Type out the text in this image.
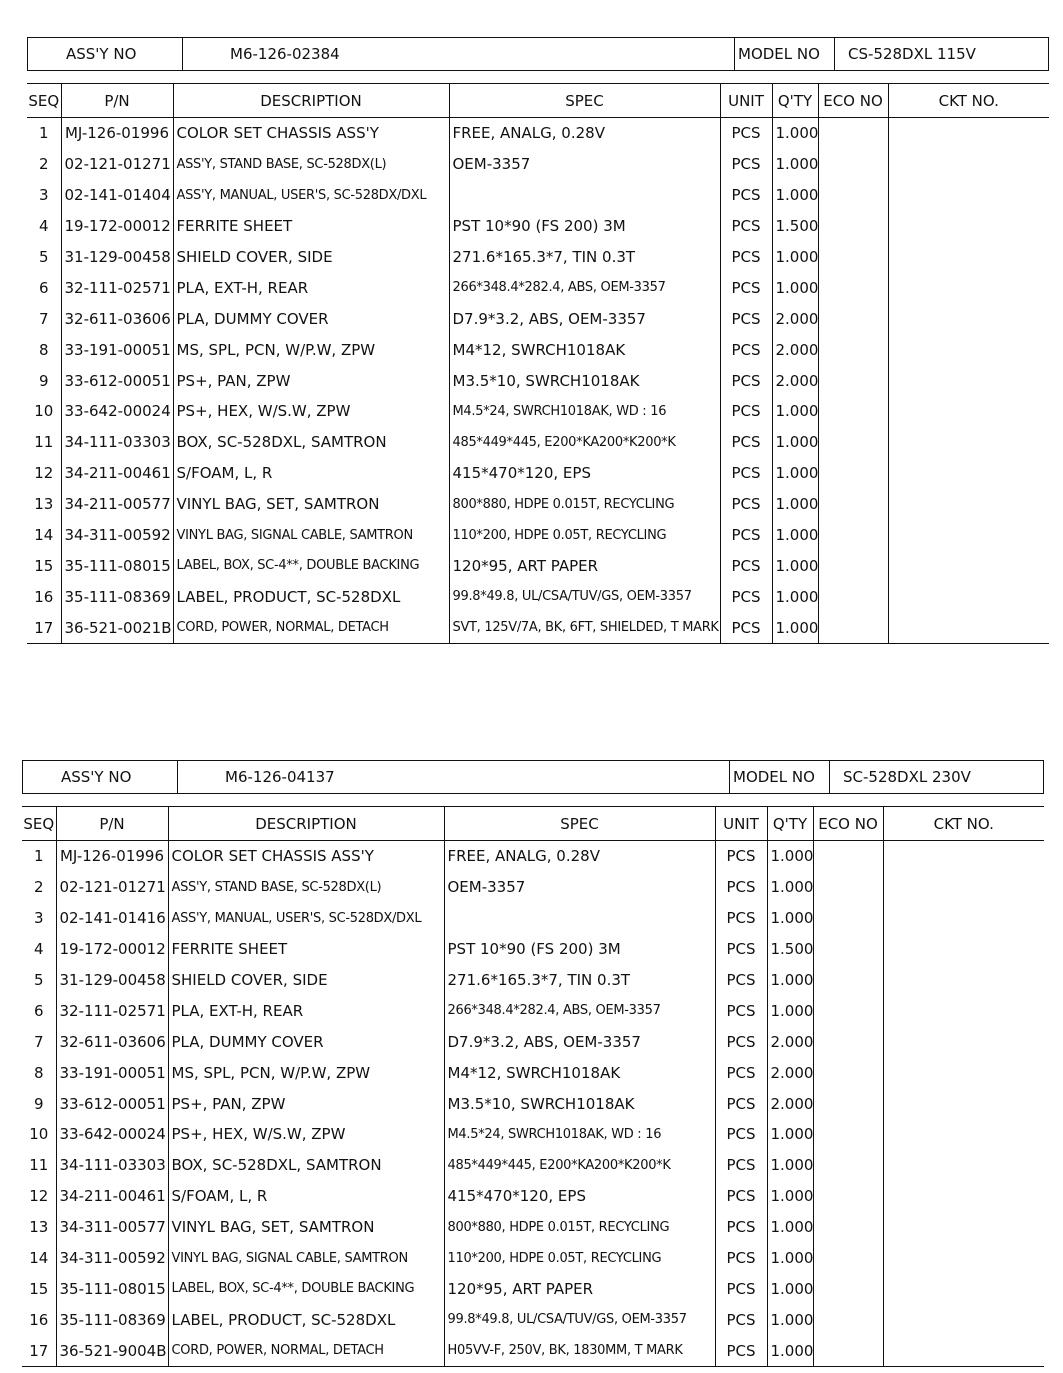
ASS'Y NO	M6-126-02384	MODEL NO CS-528DXL 115V
SEQ	P/N	DESCRIPTION	SPEC	UNIT	Q'TY	ECO NO	CKT NO.
1	MJ-126-01996	COLOR SET CHASSIS ASS'Y	FREE, ANALG, 0.28V	PCS	1.000		
2	02-121-01271	ASS'Y, STAND BASE, SC-528DX(L)	OEM-3357	PCS	1.000		
3	02-141-01404	ASS'Y, MANUAL, USER'S, SC-528DX/DXL		PCS	1.000		
4	19-172-00012	FERRITE SHEET	PST 10*90 (FS 200) 3M	PCS	1.500		
5	31-129-00458	SHIELD COVER, SIDE	271.6*165.3*7, TIN 0.3T	PCS	1.000		
6	32-111-02571	PLA, EXT-H, REAR	266*348.4*282.4, ABS, OEM-3357	PCS	1.000		
7	32-611-03606	PLA, DUMMY COVER	D7.9*3.2, ABS, OEM-3357	PCS	2.000		
8	33-191-00051	MS, SPL, PCN, W/P.W, ZPW	M4*12, SWRCH1018AK	PCS	2.000		
9	33-612-00051	PS+, PAN, ZPW	M3.5*10, SWRCH1018AK	PCS	2.000		
10	33-642-00024	PS+, HEX, W/S.W, ZPW	M4.5*24, SWRCH1018AK, WD : 16	PCS	1.000		
11	34-111-03303	BOX, SC-528DXL, SAMTRON	485*449*445, E200*KA200*K200*K	PCS	1.000		
12	34-211-00461	S/FOAM, L, R	415*470*120, EPS	PCS	1.000		
13	34-211-00577	VINYL BAG, SET, SAMTRON	800*880, HDPE 0.015T, RECYCLING	PCS	1.000		
14	34-311-00592	VINYL BAG, SIGNAL CABLE, SAMTRON	110*200, HDPE 0.05T, RECYCLING	PCS	1.000		
15	35-111-08015	LABEL, BOX, SC-4**, DOUBLE BACKING	120*95, ART PAPER	PCS	1.000		
16	35-111-08369	LABEL, PRODUCT, SC-528DXL	99.8*49.8, UL/CSA/TUV/GS, OEM-3357	PCS	1.000		
17	36-521-0021B	CORD, POWER, NORMAL, DETACH	SVT, 125V/7A, BK, 6FT, SHIELDED, T MARK	PCS	1.000		
ASS'Y NO	M6-126-04137	MODEL NO SC-528DXL 230V
SEQ	P/N	DESCRIPTION	SPEC	UNIT	Q'TY	ECO NO	CKT NO.
1	MJ-126-01996	COLOR SET CHASSIS ASS'Y	FREE, ANALG, 0.28V	PCS	1.000		
2	02-121-01271	ASS'Y, STAND BASE, SC-528DX(L)	OEM-3357	PCS	1.000		
3	02-141-01416	ASS'Y, MANUAL, USER'S, SC-528DX/DXL		PCS	1.000		
4	19-172-00012	FERRITE SHEET	PST 10*90 (FS 200) 3M	PCS	1.500		
5	31-129-00458	SHIELD COVER, SIDE	271.6*165.3*7, TIN 0.3T	PCS	1.000		
6	32-111-02571	PLA, EXT-H, REAR	266*348.4*282.4, ABS, OEM-3357	PCS	1.000		
7	32-611-03606	PLA, DUMMY COVER	D7.9*3.2, ABS, OEM-3357	PCS	2.000		
8	33-191-00051	MS, SPL, PCN, W/P.W, ZPW	M4*12, SWRCH1018AK	PCS	2.000		
9	33-612-00051	PS+, PAN, ZPW	M3.5*10, SWRCH1018AK	PCS	2.000		
10	33-642-00024	PS+, HEX, W/S.W, ZPW	M4.5*24, SWRCH1018AK, WD : 16	PCS	1.000		
11	34-111-03303	BOX, SC-528DXL, SAMTRON	485*449*445, E200*KA200*K200*K	PCS	1.000		
12	34-211-00461	S/FOAM, L, R	415*470*120, EPS	PCS	1.000		
13	34-311-00577	VINYL BAG, SET, SAMTRON	800*880, HDPE 0.015T, RECYCLING	PCS	1.000		
14	34-311-00592	VINYL BAG, SIGNAL CABLE, SAMTRON	110*200, HDPE 0.05T, RECYCLING	PCS	1.000		
15	35-111-08015	LABEL, BOX, SC-4**, DOUBLE BACKING	120*95, ART PAPER	PCS	1.000		
16	35-111-08369	LABEL, PRODUCT, SC-528DXL	99.8*49.8, UL/CSA/TUV/GS, OEM-3357	PCS	1.000		
17	36-521-9004B	CORD, POWER, NORMAL, DETACH	H05VV-F, 250V, BK, 1830MM, T MARK	PCS	1.000		
